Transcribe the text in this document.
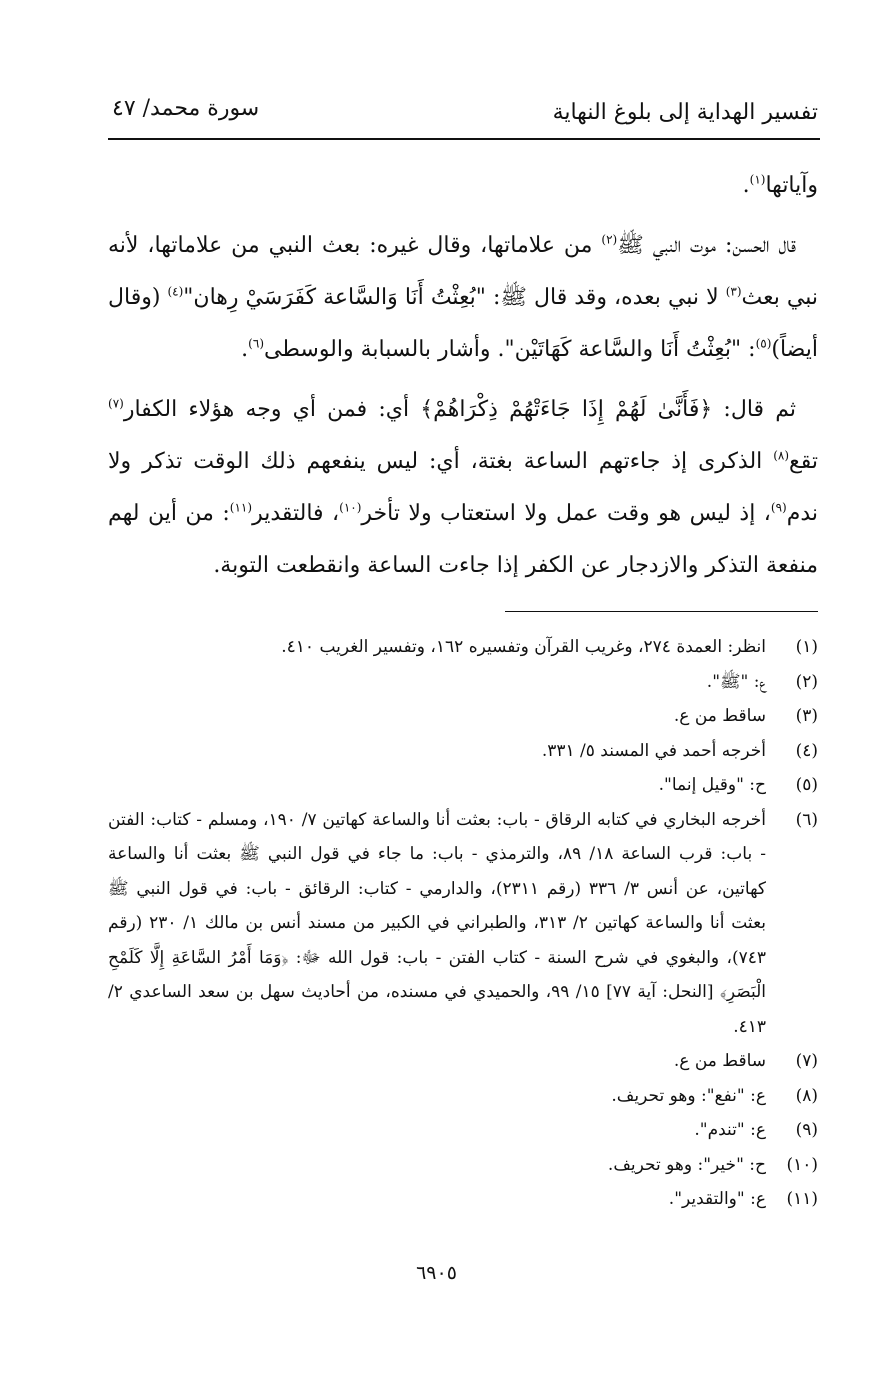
تفسير الهداية إلى بلوغ النهاية
سورة محمد/ ٤٧

وآياتها$^{(١)}$.

قال الحسن: موت النبي ﷺ$^{(٢)}$ من علاماتها، وقال غيره: بعث النبي من علاماتها، لأنه نبي بعث$^{(٣)}$ لا نبي بعده، وقد قال ﷺ: "بُعِثْتُ أَنَا وَالسَّاعة كَفَرَسَيْ رِهان"$^{(٤)}$ (وقال أيضاً)$^{(٥)}$: "بُعِثْتُ أَنَا والسَّاعة كَهَاتَيْن". وأشار بالسبابة والوسطى$^{(٦)}$.

ثم قال: ﴿فَأَنَّىٰ لَهُمْ إِذَا جَاءَتْهُمْ ذِكْرَاهُمْ﴾ أي: فمن أي وجه هؤلاء الكفار$^{(٧)}$ تقع$^{(٨)}$ الذكرى إذ جاءتهم الساعة بغتة، أي: ليس ينفعهم ذلك الوقت تذكر ولا ندم$^{(٩)}$، إذ ليس هو وقت عمل ولا استعتاب ولا تأخر$^{(١٠)}$، فالتقدير$^{(١١)}$: من أين لهم منفعة التذكر والازدجار عن الكفر إذا جاءت الساعة وانقطعت التوبة.

(١)
انظر: العمدة ٢٧٤، وغريب القرآن وتفسيره ١٦٢، وتفسير الغريب ٤١٠.
(٢)
ع: "ﷺ".
(٣)
ساقط من ع.
(٤)
أخرجه أحمد في المسند ٥/ ٣٣١.
(٥)
ح: "وقيل إنما".
(٦)
أخرجه البخاري في كتابه الرقاق - باب: بعثت أنا والساعة كهاتين ٧/ ١٩٠، ومسلم - كتاب: الفتن - باب: قرب الساعة ١٨/ ٨٩، والترمذي - باب: ما جاء في قول النبي ﷺ بعثت أنا والساعة كهاتين، عن أنس ٣/ ٣٣٦ (رقم ٢٣١١)، والدارمي - كتاب: الرقائق - باب: في قول النبي ﷺ بعثت أنا والساعة كهاتين ٢/ ٣١٣، والطبراني في الكبير من مسند أنس بن مالك ١/ ٢٣٠ (رقم ٧٤٣)، والبغوي في شرح السنة - كتاب الفتن - باب: قول الله ﷻ: ﴿وَمَا أَمْرُ السَّاعَةِ إِلَّا كَلَمْحِ الْبَصَرِ﴾ [النحل: آية ٧٧] ١٥/ ٩٩، والحميدي في مسنده، من أحاديث سهل بن سعد الساعدي ٢/ ٤١٣.
(٧)
ساقط من ع.
(٨)
ع: "نفع": وهو تحريف.
(٩)
ع: "تندم".
(١٠)
ح: "خير": وهو تحريف.
(١١)
ع: "والتقدير".
٦٩٠٥
